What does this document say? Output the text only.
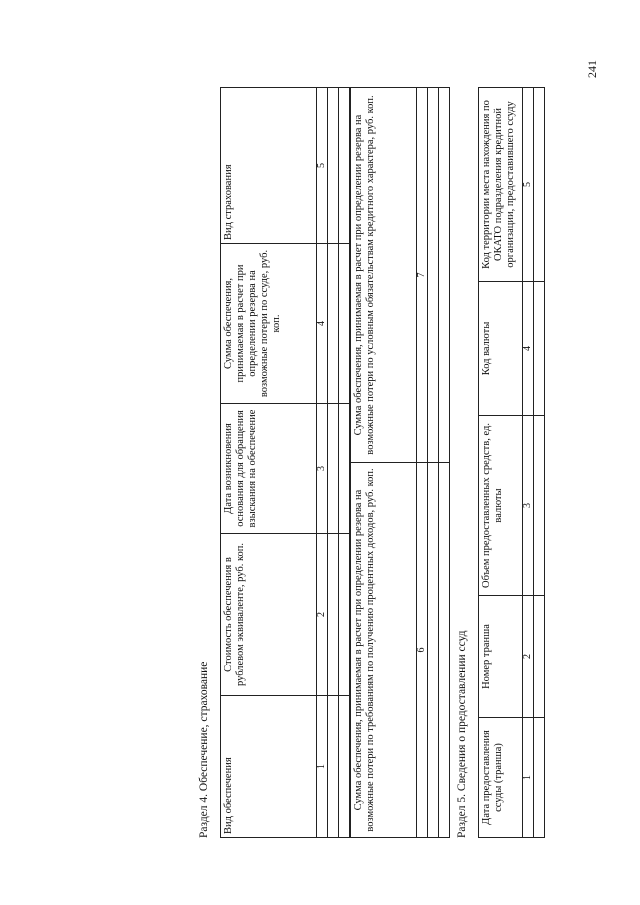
241
Раздел 4. Обеспечение, страхование Вид обеспечения	Стоимость обеспечения в рублевом эквиваленте, руб. коп.	Дата возникновения основания для обращения взыскания на обеспечение	Сумма обеспечения, принимаемая в расчет при определении резерва на возможные потери по ссуде, руб. коп.	Вид страхования
1	2	3	4	5

Сумма обеспечения, принимаемая в расчет при определении резерва на возможные потери по требованиям по получению процентных доходов, руб. коп.	Сумма обеспечения, принимаемая в расчет при определении резерва на возможные потери по условным обязательствам кредитного характера, руб. коп.
6	7

Раздел 5. Сведения о предоставлении ссуд Дата предоставления ссуды (транша)	Номер транша	Объем предоставленных средств, ед. валюты	Код валюты	Код территории места нахождения по ОКАТО подразделения кредитной организации, предоставившего ссуду
1	2	3	4	5
